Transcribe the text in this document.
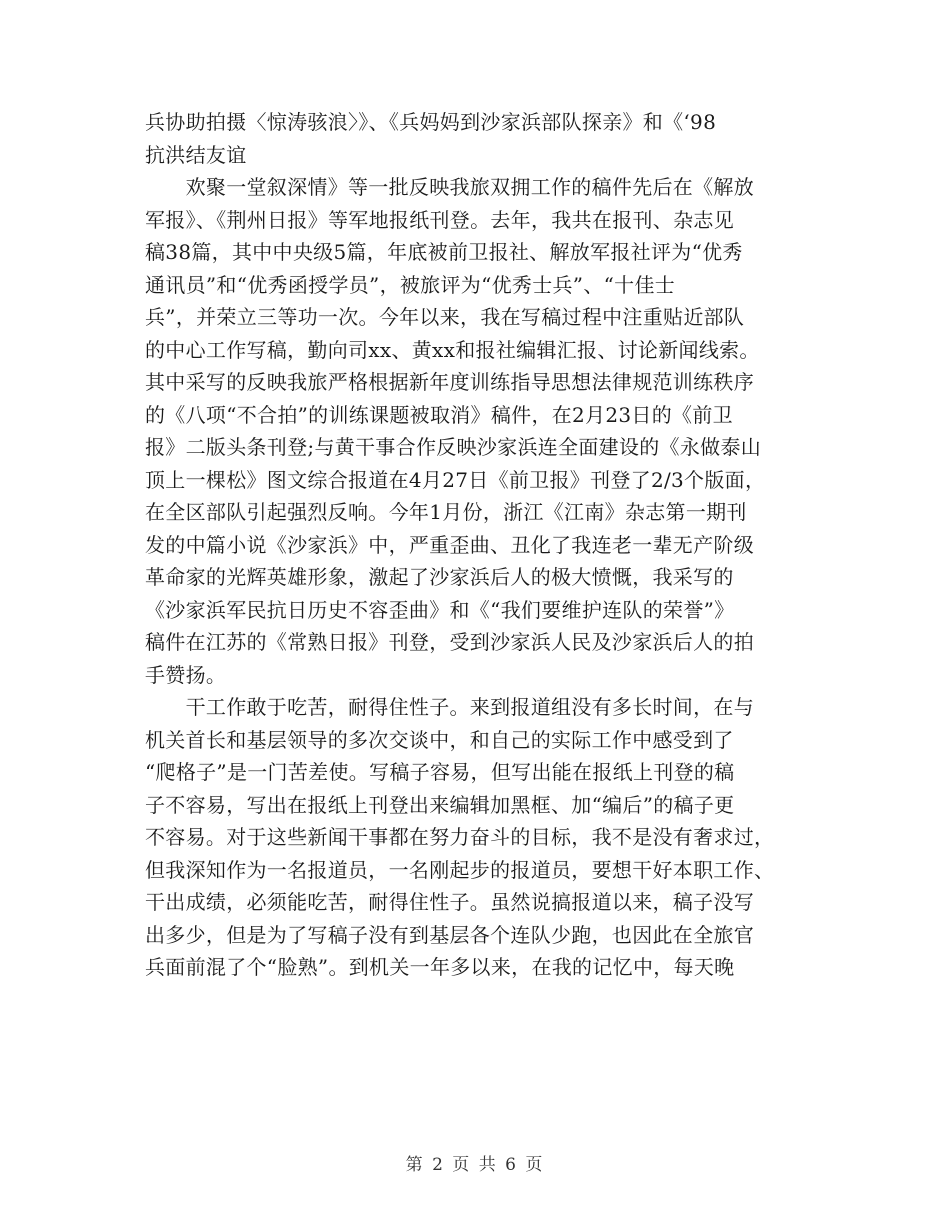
兵协助拍摄〈惊涛骇浪〉》、《兵妈妈到沙家浜部队探亲》和《‘98
抗洪结友谊
　　欢聚一堂叙深情》等一批反映我旅双拥工作的稿件先后在《解放
军报》、《荆州日报》等军地报纸刊登。去年，我共在报刊、杂志见
稿38篇，其中中央级5篇，年底被前卫报社、解放军报社评为“优秀
通讯员”和“优秀函授学员”，被旅评为“优秀士兵”、“十佳士
兵”，并荣立三等功一次。今年以来，我在写稿过程中注重贴近部队
的中心工作写稿，勤向司xx、黄xx和报社编辑汇报、讨论新闻线索。
其中采写的反映我旅严格根据新年度训练指导思想法律规范训练秩序
的《八项“不合拍”的训练课题被取消》稿件，在2月23日的《前卫
报》二版头条刊登;与黄干事合作反映沙家浜连全面建设的《永做泰山
顶上一棵松》图文综合报道在4月27日《前卫报》刊登了2/3个版面，
在全区部队引起强烈反响。今年1月份，浙江《江南》杂志第一期刊
发的中篇小说《沙家浜》中，严重歪曲、丑化了我连老一辈无产阶级
革命家的光辉英雄形象，激起了沙家浜后人的极大愤慨，我采写的
《沙家浜军民抗日历史不容歪曲》和《“我们要维护连队的荣誉”》
稿件在江苏的《常熟日报》刊登，受到沙家浜人民及沙家浜后人的拍
手赞扬。
　　干工作敢于吃苦，耐得住性子。来到报道组没有多长时间，在与
机关首长和基层领导的多次交谈中，和自己的实际工作中感受到了
“爬格子”是一门苦差使。写稿子容易，但写出能在报纸上刊登的稿
子不容易，写出在报纸上刊登出来编辑加黑框、加“编后”的稿子更
不容易。对于这些新闻干事都在努力奋斗的目标，我不是没有奢求过，
但我深知作为一名报道员，一名刚起步的报道员，要想干好本职工作、
干出成绩，必须能吃苦，耐得住性子。虽然说搞报道以来，稿子没写
出多少，但是为了写稿子没有到基层各个连队少跑，也因此在全旅官
兵面前混了个“脸熟”。到机关一年多以来，在我的记忆中，每天晚
第 2 页 共 6 页
